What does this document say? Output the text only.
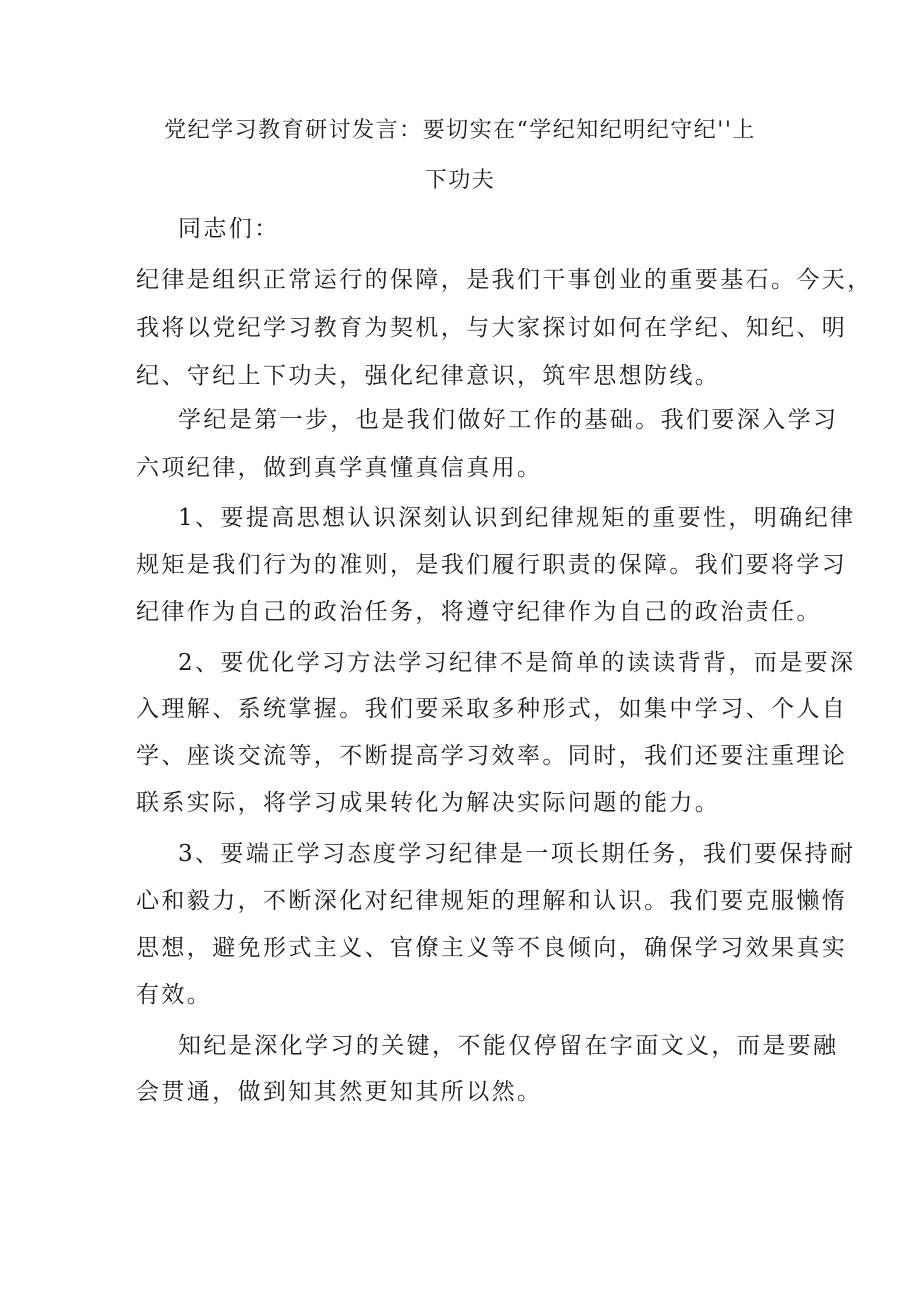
党纪学习教育研讨发言：要切实在“学纪知纪明纪守纪''上
下功夫
同志们：
纪律是组织正常运行的保障，是我们干事创业的重要基石。今天，
我将以党纪学习教育为契机，与大家探讨如何在学纪、知纪、明
纪、守纪上下功夫，强化纪律意识，筑牢思想防线。
学纪是第一步，也是我们做好工作的基础。我们要深入学习
六项纪律，做到真学真懂真信真用。
1、要提高思想认识深刻认识到纪律规矩的重要性，明确纪律
规矩是我们行为的准则，是我们履行职责的保障。我们要将学习
纪律作为自己的政治任务，将遵守纪律作为自己的政治责任。
2、要优化学习方法学习纪律不是简单的读读背背，而是要深
入理解、系统掌握。我们要采取多种形式，如集中学习、个人自
学、座谈交流等，不断提高学习效率。同时，我们还要注重理论
联系实际，将学习成果转化为解决实际问题的能力。
3、要端正学习态度学习纪律是一项长期任务，我们要保持耐
心和毅力，不断深化对纪律规矩的理解和认识。我们要克服懒惰
思想，避免形式主义、官僚主义等不良倾向，确保学习效果真实
有效。
知纪是深化学习的关键，不能仅停留在字面文义，而是要融
会贯通，做到知其然更知其所以然。
